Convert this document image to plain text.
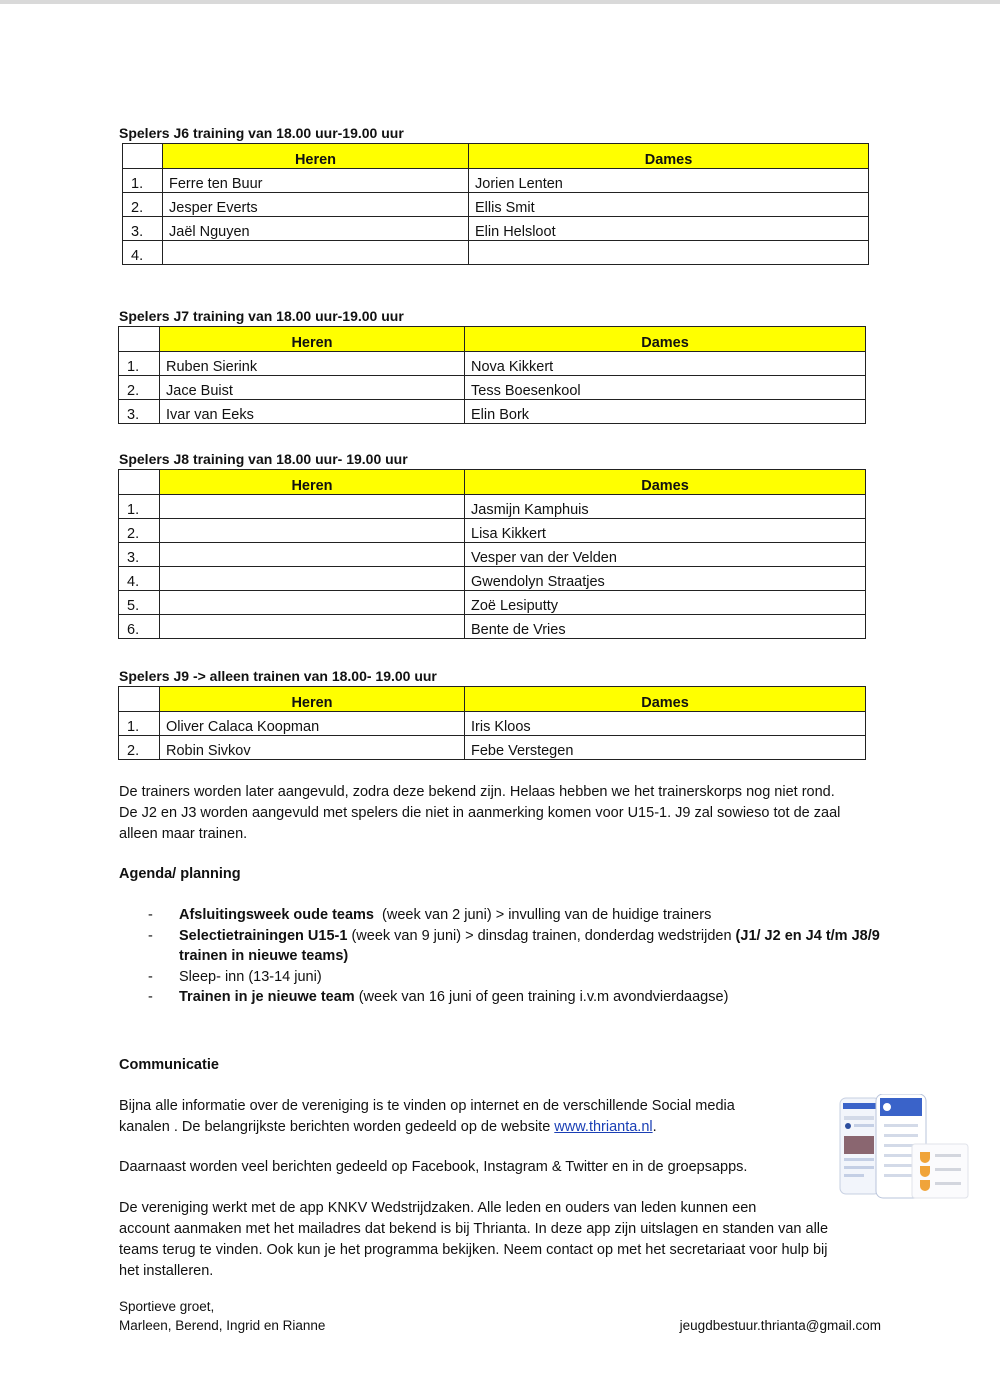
Spelers J6 training van 18.00 uur-19.00 uur
	Heren	Dames
1.	Ferre ten Buur	Jorien Lenten
2.	Jesper Everts	Ellis Smit
3.	Jaël Nguyen	Elin Helsloot
4.		
Spelers J7 training van 18.00 uur-19.00 uur
	Heren	Dames
1.	Ruben Sierink	Nova Kikkert
2.	Jace Buist	Tess Boesenkool
3.	Ivar van Eeks	Elin Bork
Spelers J8 training van 18.00 uur- 19.00 uur
	Heren	Dames
1.		Jasmijn Kamphuis
2.		Lisa Kikkert
3.		Vesper van der Velden
4.		Gwendolyn Straatjes
5.		Zoë Lesiputty
6.		Bente de Vries
Spelers J9 -> alleen trainen van 18.00- 19.00 uur
	Heren	Dames
1.	Oliver Calaca Koopman	Iris Kloos
2.	Robin Sivkov	Febe Verstegen
De trainers worden later aangevuld, zodra deze bekend zijn. Helaas hebben we het trainerskorps nog niet rond.
De J2 en J3 worden aangevuld met spelers die niet in aanmerking komen voor U15-1. J9 zal sowieso tot de zaal
alleen maar trainen.
Agenda/ planning
- Afsluitingsweek oude teams  (week van 2 juni) > invulling van de huidige trainers
- Selectietrainingen U15-1 (week van 9 juni) > dinsdag trainen, donderdag wedstrijden (J1/ J2 en J4 t/m J8/9 trainen in nieuwe teams)
- Sleep- inn (13-14 juni)
- Trainen in je nieuwe team (week van 16 juni of geen training i.v.m avondvierdaagse)
Communicatie
Bijna alle informatie over de vereniging is te vinden op internet en de verschillende Social media
kanalen . De belangrijkste berichten worden gedeeld op de website www.thrianta.nl.
Daarnaast worden veel berichten gedeeld op Facebook, Instagram & Twitter en in de groepsapps.
De vereniging werkt met de app KNKV Wedstrijdzaken. Alle leden en ouders van leden kunnen een
account aanmaken met het mailadres dat bekend is bij Thrianta. In deze app zijn uitslagen en standen van alle
teams terug te vinden. Ook kun je het programma bekijken. Neem contact op met het secretariaat voor hulp bij
het installeren.
Sportieve groet,
Marleen, Berend, Ingrid en Rianne	jeugdbestuur.thrianta@gmail.com
